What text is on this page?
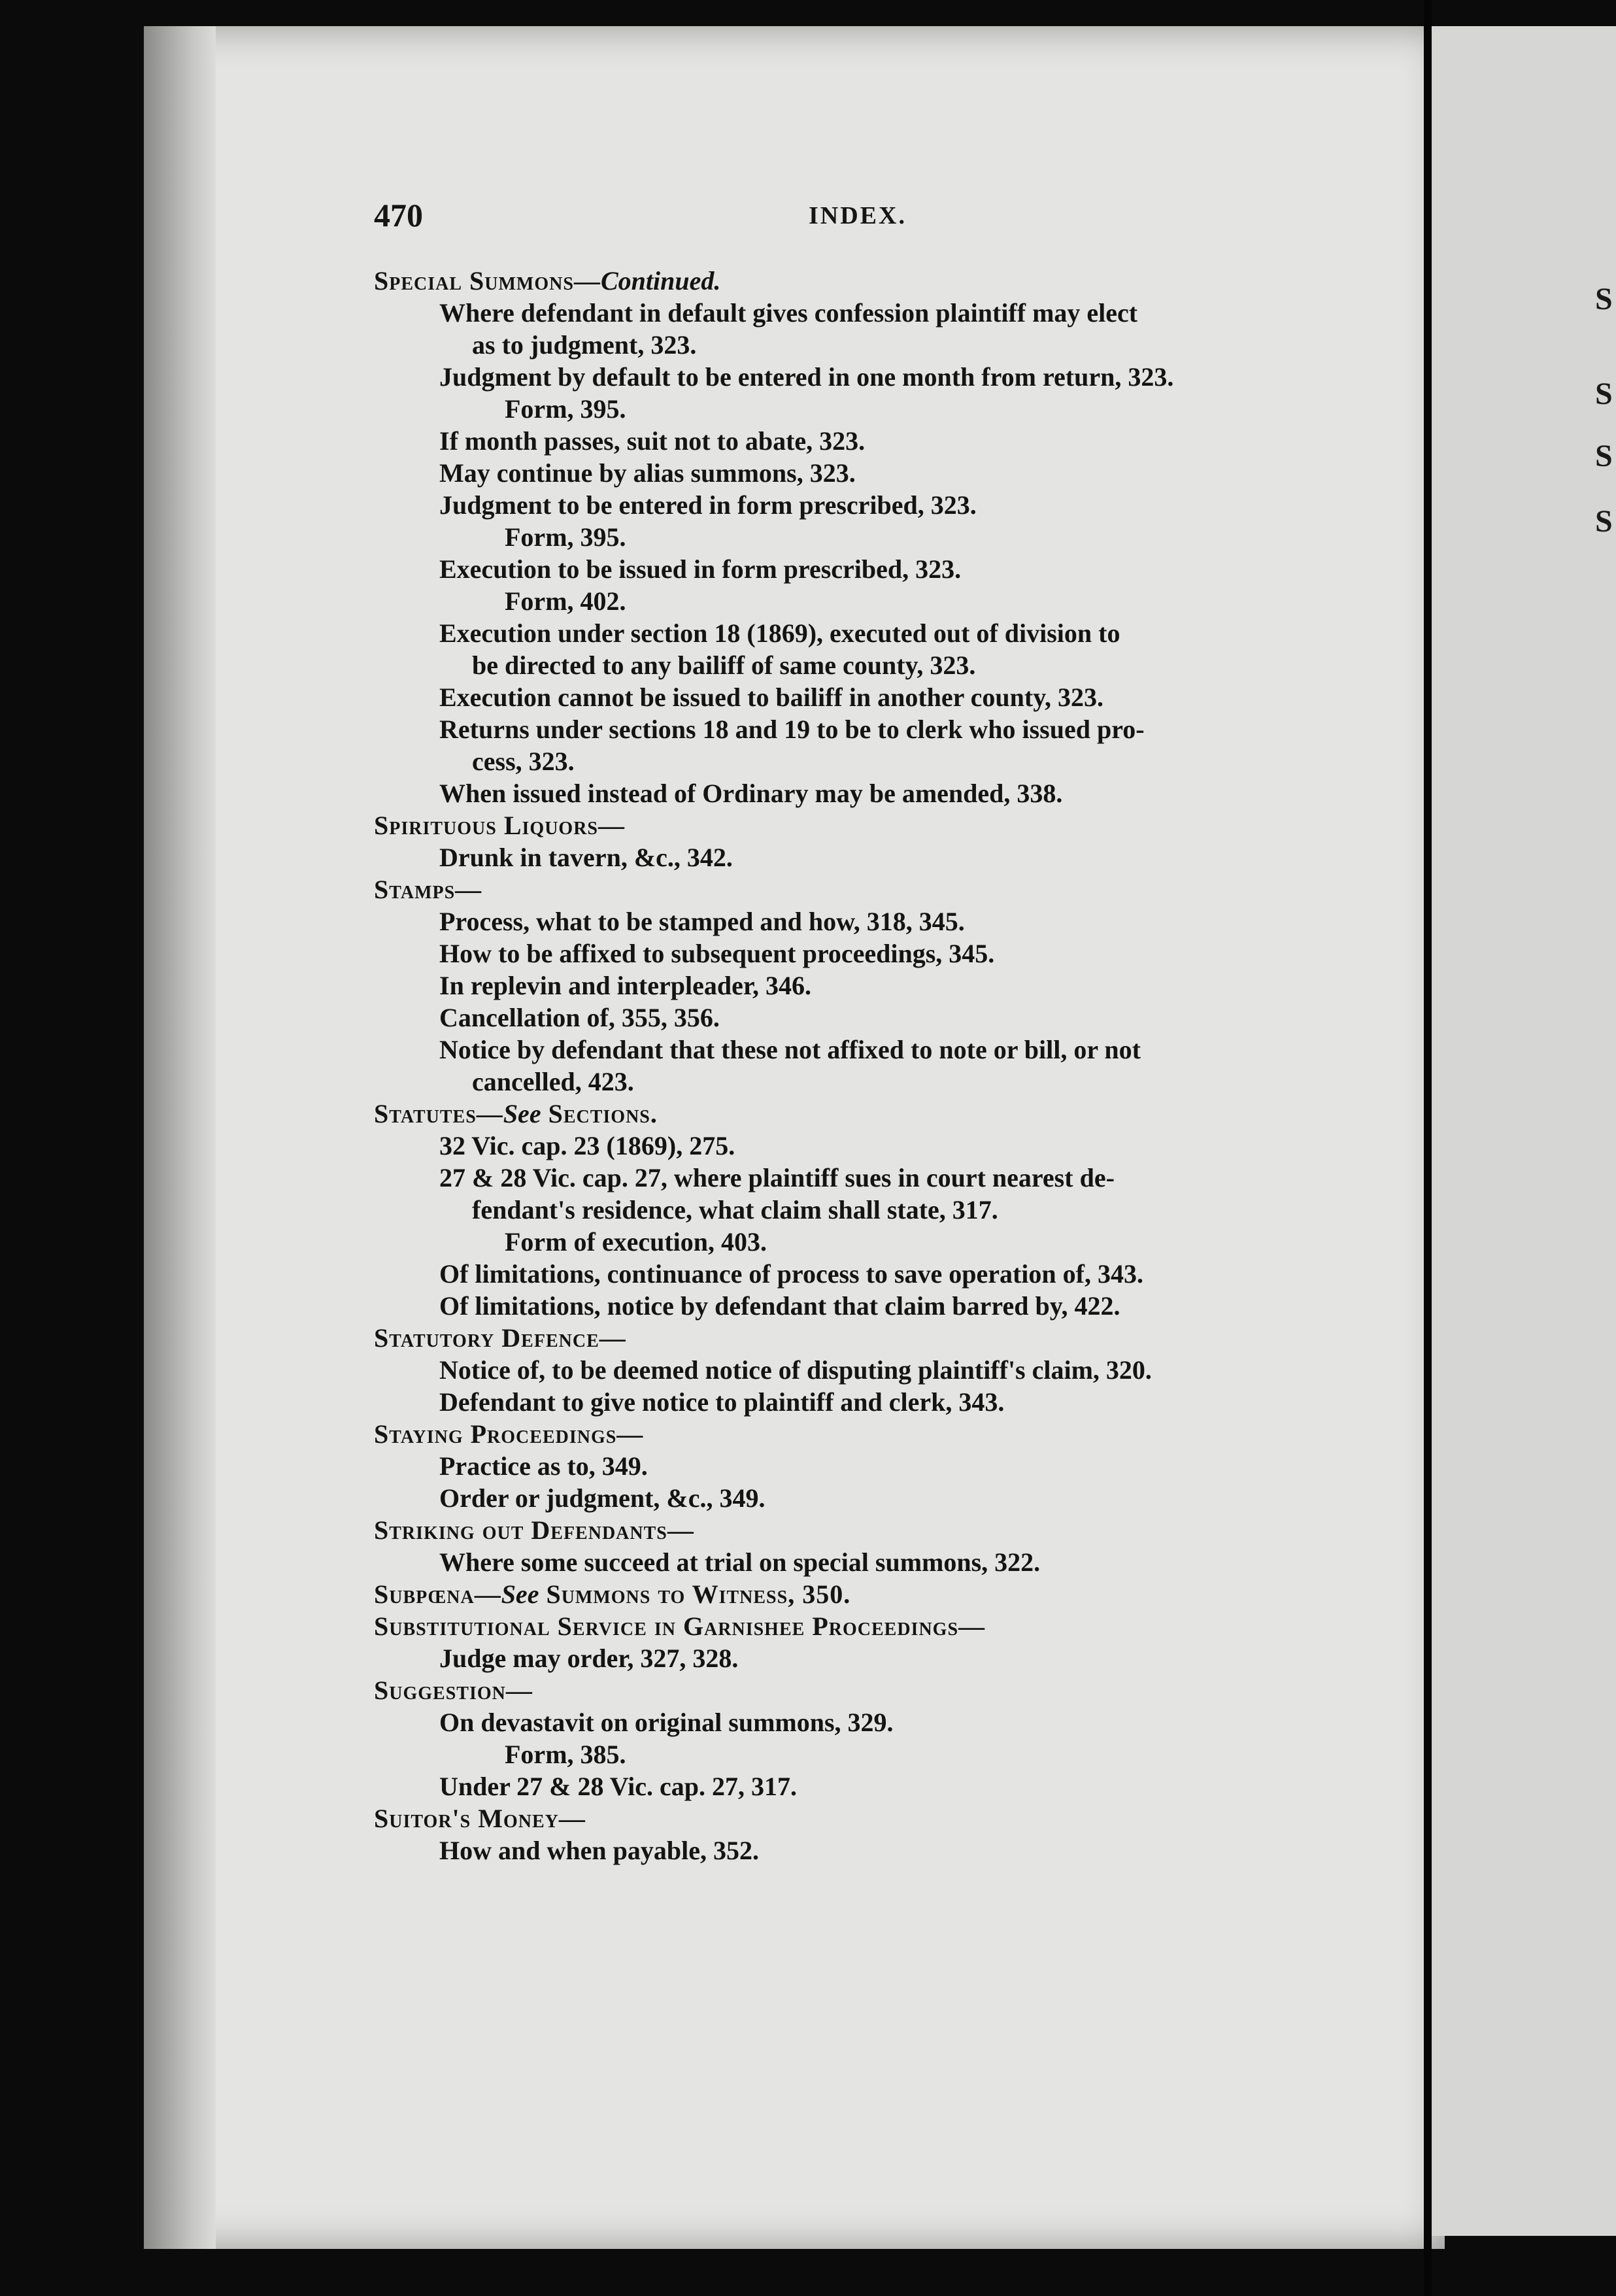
S
S
S
S
470	INDEX.
Special Summons—Continued.
Where defendant in default gives confession plaintiff may elect
as to judgment, 323.
Judgment by default to be entered in one month from return, 323.
Form, 395.
If month passes, suit not to abate, 323.
May continue by alias summons, 323.
Judgment to be entered in form prescribed, 323.
Form, 395.
Execution to be issued in form prescribed, 323.
Form, 402.
Execution under section 18 (1869), executed out of division to
be directed to any bailiff of same county, 323.
Execution cannot be issued to bailiff in another county, 323.
Returns under sections 18 and 19 to be to clerk who issued pro-
cess, 323.
When issued instead of Ordinary may be amended, 338.
Spirituous Liquors—
Drunk in tavern, &c., 342.
Stamps—
Process, what to be stamped and how, 318, 345.
How to be affixed to subsequent proceedings, 345.
In replevin and interpleader, 346.
Cancellation of, 355, 356.
Notice by defendant that these not affixed to note or bill, or not
cancelled, 423.
Statutes—See Sections.
32 Vic. cap. 23 (1869), 275.
27 & 28 Vic. cap. 27, where plaintiff sues in court nearest de-
fendant's residence, what claim shall state, 317.
Form of execution, 403.
Of limitations, continuance of process to save operation of, 343.
Of limitations, notice by defendant that claim barred by, 422.
Statutory Defence—
Notice of, to be deemed notice of disputing plaintiff's claim, 320.
Defendant to give notice to plaintiff and clerk, 343.
Staying Proceedings—
Practice as to, 349.
Order or judgment, &c., 349.
Striking out Defendants—
Where some succeed at trial on special summons, 322.
Subpœna—See Summons to Witness, 350.
Substitutional Service in Garnishee Proceedings—
Judge may order, 327, 328.
Suggestion—
On devastavit on original summons, 329.
Form, 385.
Under 27 & 28 Vic. cap. 27, 317.
Suitor's Money—
How and when payable, 352.
